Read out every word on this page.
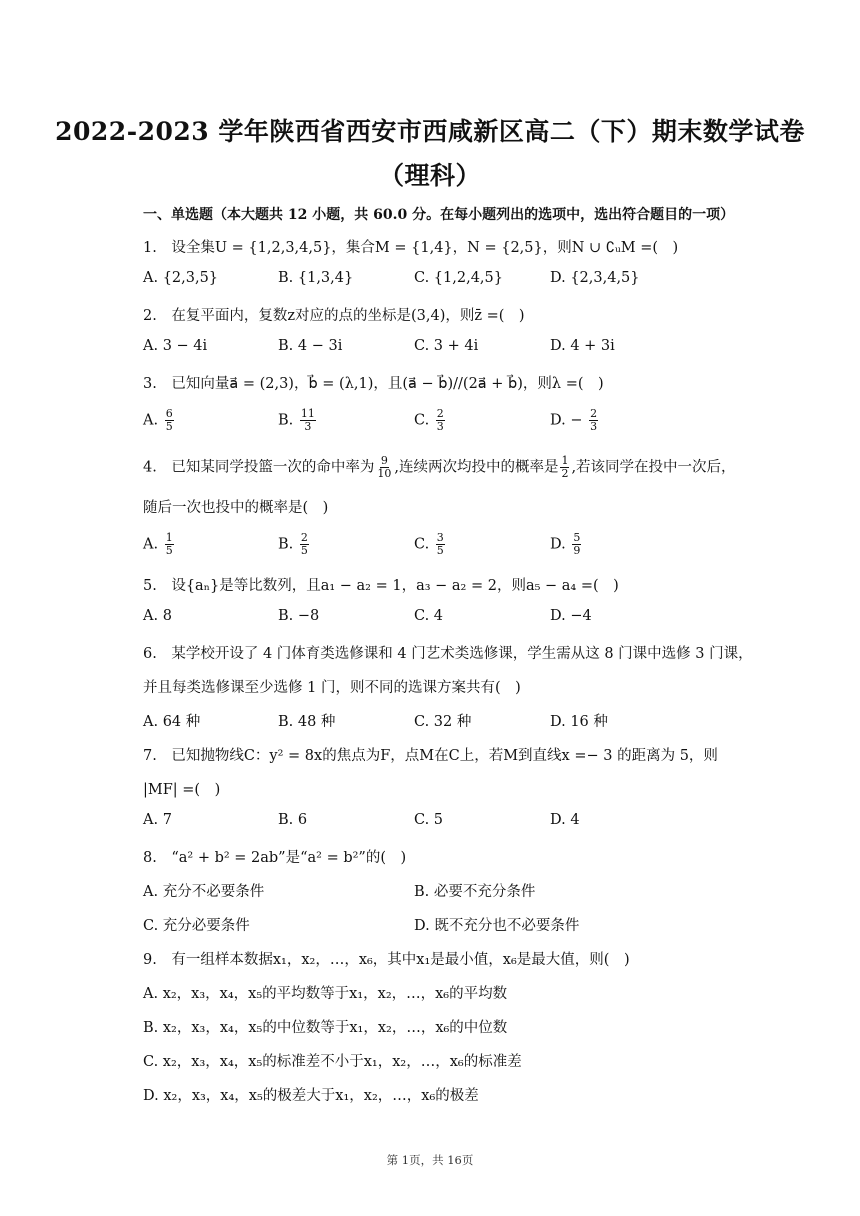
2022-2023 学年陕西省西安市西咸新区高二（下）期末数学试卷
（理科）
一、单选题（本大题共 12 小题，共 60.0 分。在每小题列出的选项中，选出符合题目的一项）
1.　设全集U = {1,2,3,4,5}，集合M = {1,4}，N = {2,5}，则N ∪ ∁ᵤM =(　)
A. {2,3,5}	B. {1,3,4}	C. {1,2,4,5}	D. {2,3,4,5}
2.　在复平面内，复数z对应的点的坐标是(3,4)，则z̄ =(　)
A. 3 − 4i	B. 4 − 3i	C. 3 + 4i	D. 4 + 3i
3.　已知向量a⃗ = (2,3)，b⃗ = (λ,1)，且(a⃗ − b⃗)//(2a⃗ + b⃗)，则λ =(　)
A. $\frac{6}{5}$	B. $\frac{11}{3}$	C. $\frac{2}{3}$	D. − $\frac{2}{3}$
4.　已知某同学投篮一次的命中率为 $\frac{9}{10}$ ,连续两次均投中的概率是 $\frac{1}{2}$ ,若该同学在投中一次后，
随后一次也投中的概率是(　)
A. $\frac{1}{5}$	B. $\frac{2}{5}$	C. $\frac{3}{5}$	D. $\frac{5}{9}$
5.　设{aₙ}是等比数列，且a₁ − a₂ = 1，a₃ − a₂ = 2，则a₅ − a₄ =(　)
A. 8	B. −8	C. 4	D. −4
6.　某学校开设了 4 门体育类选修课和 4 门艺术类选修课，学生需从这 8 门课中选修 3 门课，
并且每类选修课至少选修 1 门，则不同的选课方案共有(　)
A. 64 种	B. 48 种	C. 32 种	D. 16 种
7.　已知抛物线C：y² = 8x的焦点为F，点M在C上，若M到直线x =− 3 的距离为 5，则
|MF| =(　)
A. 7	B. 6	C. 5	D. 4
8.　“a² + b² = 2ab”是“a² = b²”的(　)
A. 充分不必要条件	B. 必要不充分条件
C. 充分必要条件	D. 既不充分也不必要条件
9.　有一组样本数据x₁，x₂，…，x₆，其中x₁是最小值，x₆是最大值，则(　)
A. x₂，x₃，x₄，x₅的平均数等于x₁，x₂，…，x₆的平均数
B. x₂，x₃，x₄，x₅的中位数等于x₁，x₂，…，x₆的中位数
C. x₂，x₃，x₄，x₅的标准差不小于x₁，x₂，…，x₆的标准差
D. x₂，x₃，x₄，x₅的极差大于x₁，x₂，…，x₆的极差
第 1页，共 16页
